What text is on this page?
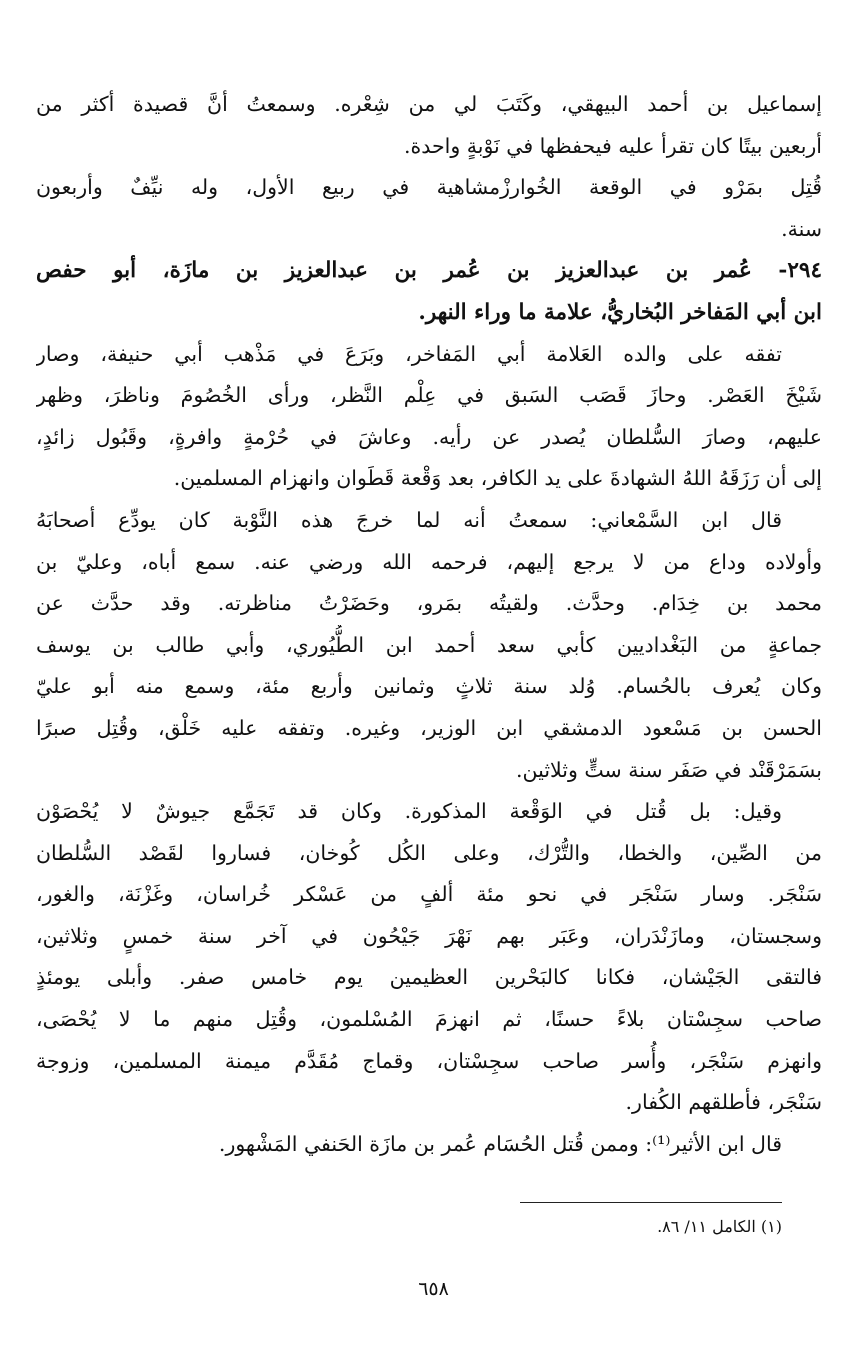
إسماعيل بن أحمد البيهقي، وكَتَبَ لي من شِعْره. وسمعتُ أنَّ قصيدة أكثر من
أربعين بيتًا كان تقرأ عليه فيحفظها في نَوْبةٍ واحدة.
قُتِل بمَرْو في الوقعة الخُوارزْمشاهية في ربيع الأول، وله نيِّفٌ وأربعون
سنة.
٢٩٤- عُمر بن عبدالعزيز بن عُمر بن عبدالعزيز بن مازَة، أبو حفص
ابن أبي المَفاخر البُخاريُّ، علامة ما وراء النهر.
تفقه على والده العَلامة أبي المَفاخر، وبَرَعَ في مَذْهب أبي حنيفة، وصار
شَيْخَ العَصْر. وحازَ قَصَب السَبق في عِلْم النَّظر، ورأى الخُصُومَ وناظرَ، وظهر
عليهم، وصارَ السُّلطان يُصدر عن رأيه. وعاشَ في حُرْمةٍ وافرةٍ، وقَبُول زائدٍ،
إلى أن رَزَقَهُ اللهُ الشهادةَ على يد الكافر، بعد وَقْعة قَطَوان وانهزام المسلمين.
قال ابن السَّمْعاني: سمعتُ أنه لما خرجَ هذه النَّوْبة كان يودِّع أصحابَهُ
وأولاده وداع من لا يرجع إليهم، فرحمه الله ورضي عنه. سمع أباه، وعليّ بن
محمد بن خِدَام. وحدَّث. ولقيتُه بمَرو، وحَضَرْتُ مناظرته. وقد حدَّث عن
جماعةٍ من البَغْداديين كأبي سعد أحمد ابن الطُّيُوري، وأبي طالب بن يوسف
وكان يُعرف بالحُسام. وُلد سنة ثلاثٍ وثمانين وأربع مئة، وسمع منه أبو عليّ
الحسن بن مَسْعود الدمشقي ابن الوزير، وغيره. وتفقه عليه خَلْق، وقُتِل صبرًا
بسَمَرْقَنْد في صَفَر سنة ستٍّ وثلاثين.
وقيل: بل قُتل في الوَقْعة المذكورة. وكان قد تَجَمَّع جيوشٌ لا يُحْصَوْن
من الصِّين، والخطا، والتُّرْك، وعلى الكُل كُوخان، فساروا لقَصْد السُّلطان
سَنْجَر. وسار سَنْجَر في نحو مئة ألفٍ من عَسْكر خُراسان، وغَزْنَة، والغور،
وسجستان، ومازَنْدَران، وعَبَر بهم نَهْرَ جَيْحُون في آخر سنة خمسٍ وثلاثين،
فالتقى الجَيْشان، فكانا كالبَحْرين العظيمين يوم خامس صفر. وأبلى يومئذٍ
صاحب سجِسْتان بلاءً حسنًا، ثم انهزمَ المُسْلمون، وقُتِل منهم ما لا يُحْصَى،
وانهزم سَنْجَر، وأُسر صاحب سجِسْتان، وقماج مُقَدَّم ميمنة المسلمين، وزوجة
سَنْجَر، فأطلقهم الكُفار.
قال ابن الأثير⁽¹⁾: وممن قُتل الحُسَام عُمر بن مازَة الحَنفي المَشْهور.
(١) الكامل ١١/ ٨٦.
٦٥٨
